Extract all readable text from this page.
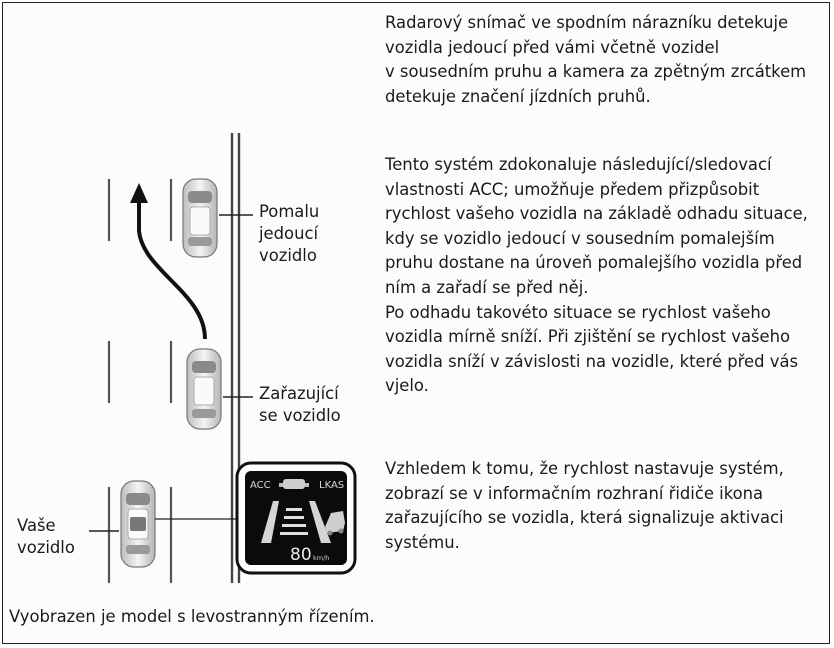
ACC	LKAS
80 km/h
Pomalu
jedoucí
vozidlo
Zařazující
se vozidlo
Vaše
vozidlo

Radarový snímač ve spodním nárazníku detekuje
vozidla jedoucí před vámi včetně vozidel
v sousedním pruhu a kamera za zpětným zrcátkem
detekuje značení jízdních pruhů.

Tento systém zdokonaluje následující/sledovací
vlastnosti ACC; umožňuje předem přizpůsobit
rychlost vašeho vozidla na základě odhadu situace,
kdy se vozidlo jedoucí v sousedním pomalejším
pruhu dostane na úroveň pomalejšího vozidla před
ním a zařadí se před něj.
Po odhadu takovéto situace se rychlost vašeho
vozidla mírně sníží. Při zjištění se rychlost vašeho
vozidla sníží v závislosti na vozidle, které před vás
vjelo.

Vzhledem k tomu, že rychlost nastavuje systém,
zobrazí se v informačním rozhraní řidiče ikona
zařazujícího se vozidla, která signalizuje aktivaci
systému.

Vyobrazen je model s levostranným řízením.
